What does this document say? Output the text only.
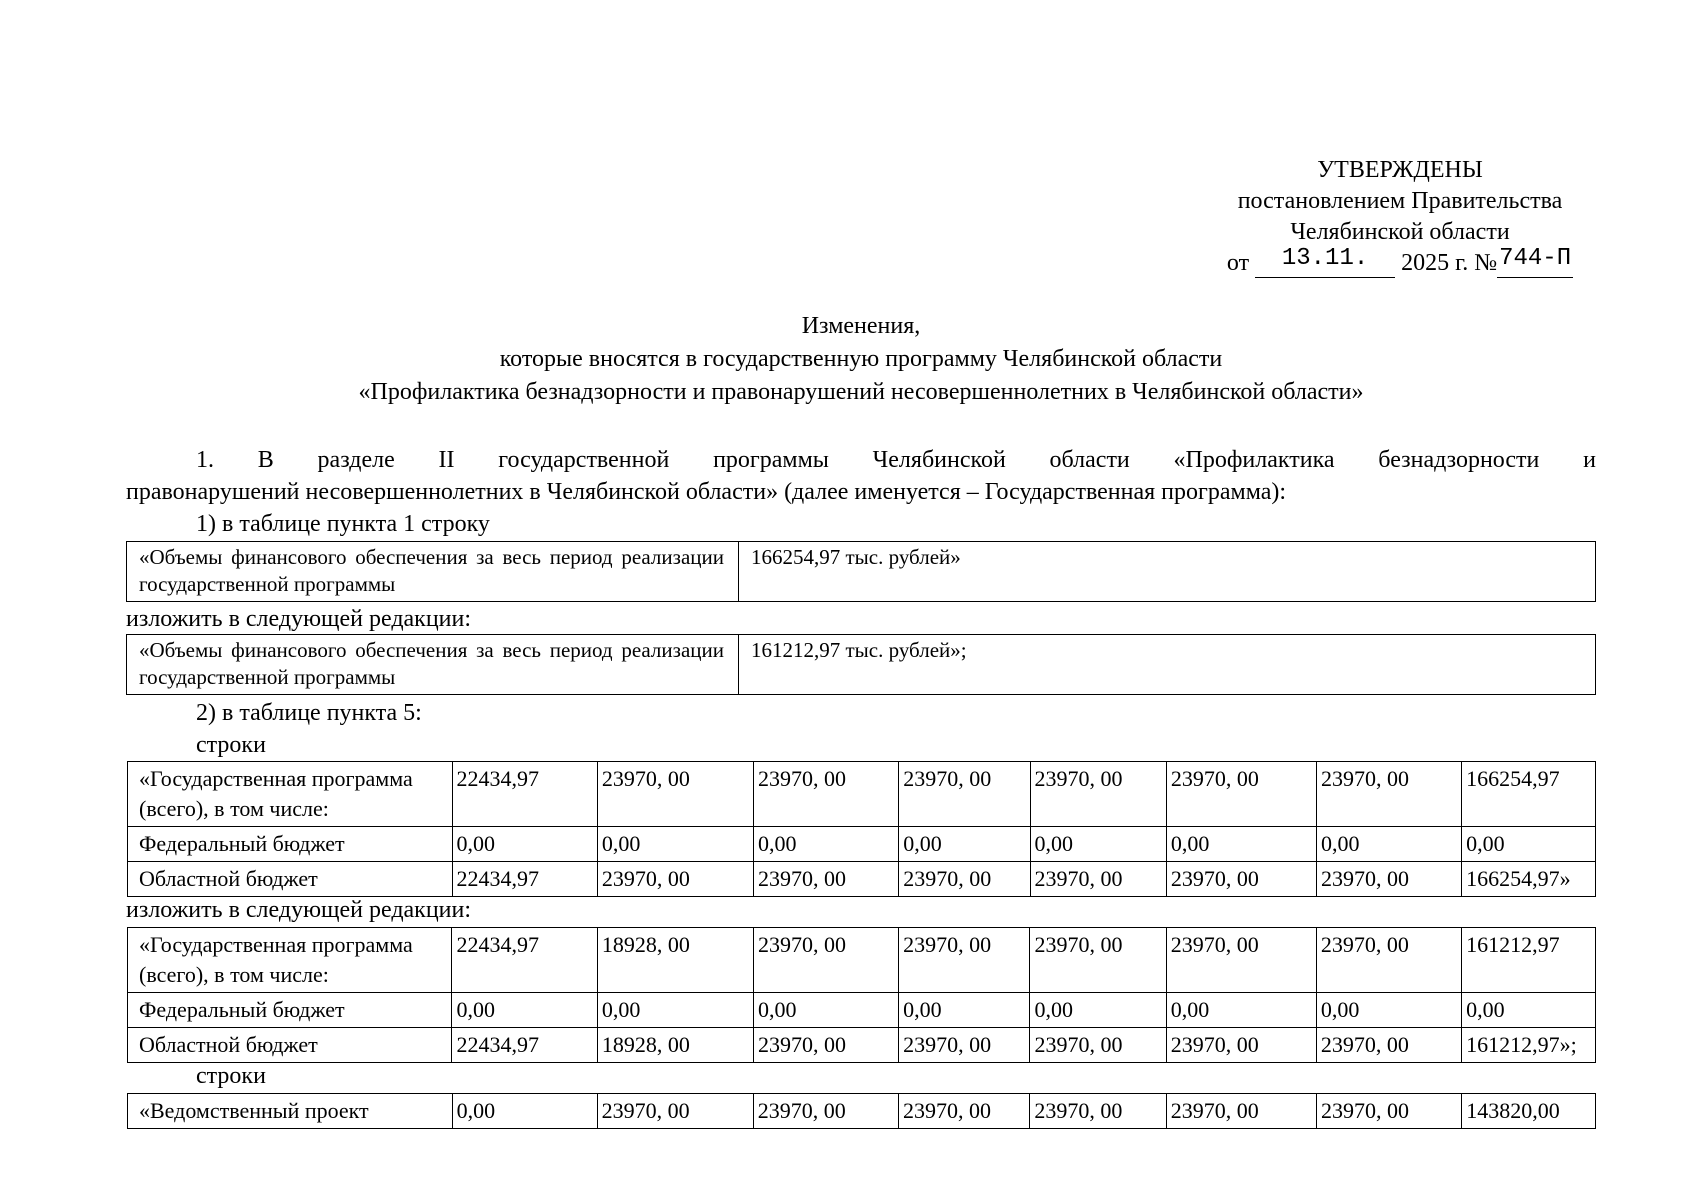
УТВЕРЖДЕНЫ
постановлением Правительства
Челябинской области
от 13.11. 2025 г. №744-П
Изменения,
которые вносятся в государственную программу Челябинской области
«Профилактика безнадзорности и правонарушений несовершеннолетних в Челябинской области»
1. В разделе II государственной программы Челябинской области «Профилактика безнадзорности и
правонарушений несовершеннолетних в Челябинской области» (далее именуется – Государственная программа):
1) в таблице пункта 1 строку
«Объемы финансового обеспечения за весь период реализации государственной программы	166254,97 тыс. рублей»
изложить в следующей редакции:
«Объемы финансового обеспечения за весь период реализации государственной программы	161212,97 тыс. рублей»;
2) в таблице пункта 5:
строки
«Государственная программа (всего), в том числе:	22434,97	23970, 00	23970, 00	23970, 00	23970, 00	23970, 00	23970, 00	166254,97
Федеральный бюджет	0,00	0,00	0,00	0,00	0,00	0,00	0,00	0,00
Областной бюджет	22434,97	23970, 00	23970, 00	23970, 00	23970, 00	23970, 00	23970, 00	166254,97»
изложить в следующей редакции:
«Государственная программа (всего), в том числе:	22434,97	18928, 00	23970, 00	23970, 00	23970, 00	23970, 00	23970, 00	161212,97
Федеральный бюджет	0,00	0,00	0,00	0,00	0,00	0,00	0,00	0,00
Областной бюджет	22434,97	18928, 00	23970, 00	23970, 00	23970, 00	23970, 00	23970, 00	161212,97»;
строки
«Ведомственный проект	0,00	23970, 00	23970, 00	23970, 00	23970, 00	23970, 00	23970, 00	143820,00
